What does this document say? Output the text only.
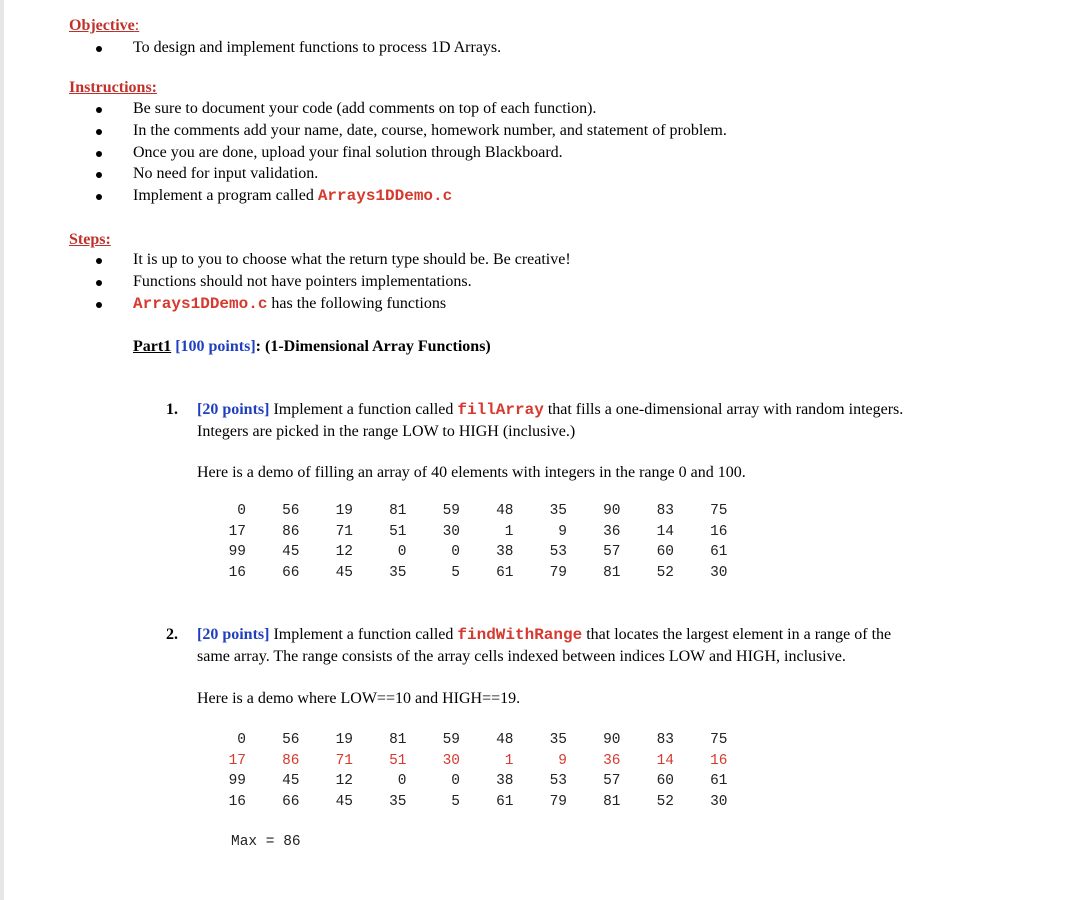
Objective:
To design and implement functions to process 1D Arrays.
Instructions:
Be sure to document your code (add comments on top of each function).
In the comments add your name, date, course, homework number, and statement of problem.
Once you are done, upload your final solution through Blackboard.
No need for input validation.
Implement a program called Arrays1DDemo.c
Steps:
It is up to you to choose what the return type should be. Be creative!
Functions should not have pointers implementations.
Arrays1DDemo.c has the following functions
Part1 [100 points]: (1-Dimensional Array Functions)
1. [20 points] Implement a function called fillArray that fills a one-dimensional array with random integers.
Integers are picked in the range LOW to HIGH (inclusive.)
Here is a demo of filling an array of 40 elements with integers in the range 0 and 100.
0	56	19	81	59	48	35	90	83	75
17	86	71	51	30	1	9	36	14	16
99	45	12	0	0	38	53	57	60	61
16	66	45	35	5	61	79	81	52	30
2. [20 points] Implement a function called findWithRange that locates the largest element in a range of the
same array. The range consists of the array cells indexed between indices LOW and HIGH, inclusive.
Here is a demo where LOW==10 and HIGH==19.
0	56	19	81	59	48	35	90	83	75
17	86	71	51	30	1	9	36	14	16
99	45	12	0	0	38	53	57	60	61
16	66	45	35	5	61	79	81	52	30
Max = 86
